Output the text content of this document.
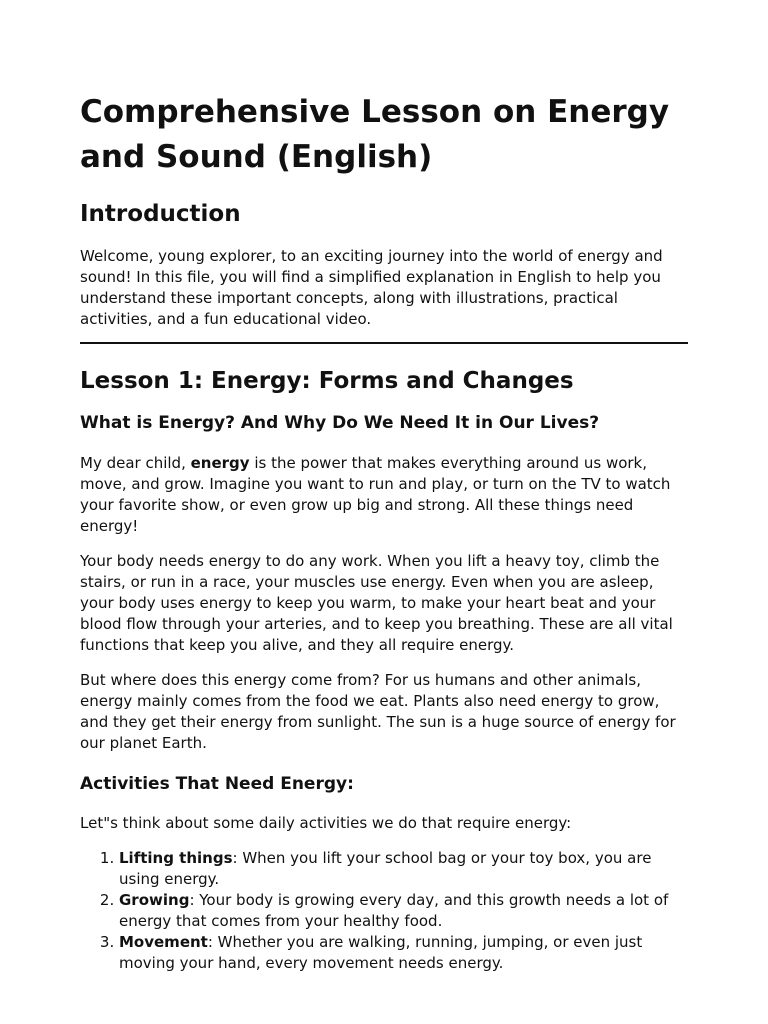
Comprehensive Lesson on Energy and Sound (English)
Introduction

Welcome, young explorer, to an exciting journey into the world of energy and sound! In this file, you will find a simplified explanation in English to help you understand these important concepts, along with illustrations, practical activities, and a fun educational video.

Lesson 1: Energy: Forms and Changes
What is Energy? And Why Do We Need It in Our Lives?

My dear child, energy is the power that makes everything around us work, move, and grow. Imagine you want to run and play, or turn on the TV to watch your favorite show, or even grow up big and strong. All these things need energy!

Your body needs energy to do any work. When you lift a heavy toy, climb the stairs, or run in a race, your muscles use energy. Even when you are asleep, your body uses energy to keep you warm, to make your heart beat and your blood flow through your arteries, and to keep you breathing. These are all vital functions that keep you alive, and they all require energy.

But where does this energy come from? For us humans and other animals, energy mainly comes from the food we eat. Plants also need energy to grow, and they get their energy from sunlight. The sun is a huge source of energy for our planet Earth.

Activities That Need Energy:

Let"s think about some daily activities we do that require energy:

1. Lifting things: When you lift your school bag or your toy box, you are using energy.
2. Growing: Your body is growing every day, and this growth needs a lot of energy that comes from your healthy food.
3. Movement: Whether you are walking, running, jumping, or even just moving your hand, every movement needs energy.
